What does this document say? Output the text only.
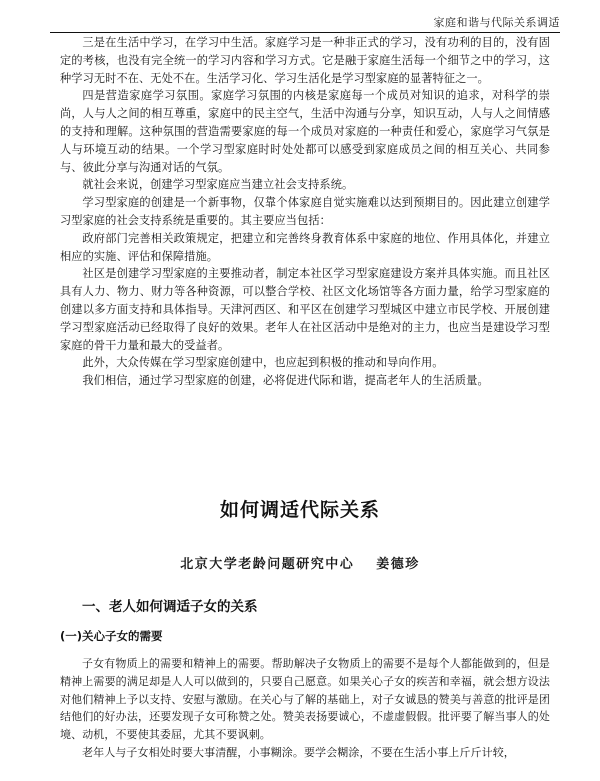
家庭和谐与代际关系调适

三是在生活中学习，在学习中生活。家庭学习是一种非正式的学习，没有功利的目的，没有固定的考核，也没有完全统一的学习内容和学习方式。它是融于家庭生活每一个细节之中的学习，这种学习无时不在、无处不在。生活学习化、学习生活化是学习型家庭的显著特征之一。

四是营造家庭学习氛围。家庭学习氛围的内核是家庭每一个成员对知识的追求，对科学的崇尚，人与人之间的相互尊重，家庭中的民主空气，生活中沟通与分享，知识互动，人与人之间情感的支持和理解。这种氛围的营造需要家庭的每一个成员对家庭的一种责任和爱心，家庭学习气氛是人与环境互动的结果。一个学习型家庭时时处处都可以感受到家庭成员之间的相互关心、共同参与、彼此分享与沟通对话的气氛。

就社会来说，创建学习型家庭应当建立社会支持系统。

学习型家庭的创建是一个新事物，仅靠个体家庭自觉实施难以达到预期目的。因此建立创建学习型家庭的社会支持系统是重要的。其主要应当包括：

政府部门完善相关政策规定，把建立和完善终身教育体系中家庭的地位、作用具体化，并建立相应的实施、评估和保障措施。

社区是创建学习型家庭的主要推动者，制定本社区学习型家庭建设方案并具体实施。而且社区具有人力、物力、财力等各种资源，可以整合学校、社区文化场馆等各方面力量，给学习型家庭的创建以多方面支持和具体指导。天津河西区、和平区在创建学习型城区中建立市民学校、开展创建学习型家庭活动已经取得了良好的效果。老年人在社区活动中是绝对的主力，也应当是建设学习型家庭的骨干力量和最大的受益者。

此外，大众传媒在学习型家庭创建中，也应起到积极的推动和导向作用。

我们相信，通过学习型家庭的创建，必将促进代际和谐，提高老年人的生活质量。

如何调适代际关系
北京大学老龄问题研究中心 姜德珍
一、老人如何调适子女的关系
(一)关心子女的需要

子女有物质上的需要和精神上的需要。帮助解决子女物质上的需要不是每个人都能做到的，但是精神上需要的满足却是人人可以做到的，只要自己愿意。如果关心子女的疾苦和幸福，就会想方设法对他们精神上予以支持、安慰与激励。在关心与了解的基础上，对子女诚恳的赞美与善意的批评是团结他们的好办法，还要发现子女可称赞之处。赞美表扬要诚心，不虚虚假假。批评要了解当事人的处境、动机，不要使其委屈，尤其不要讽刺。

老年人与子女相处时要大事清醒，小事糊涂。要学会糊涂，不要在生活小事上斤斤计较，
